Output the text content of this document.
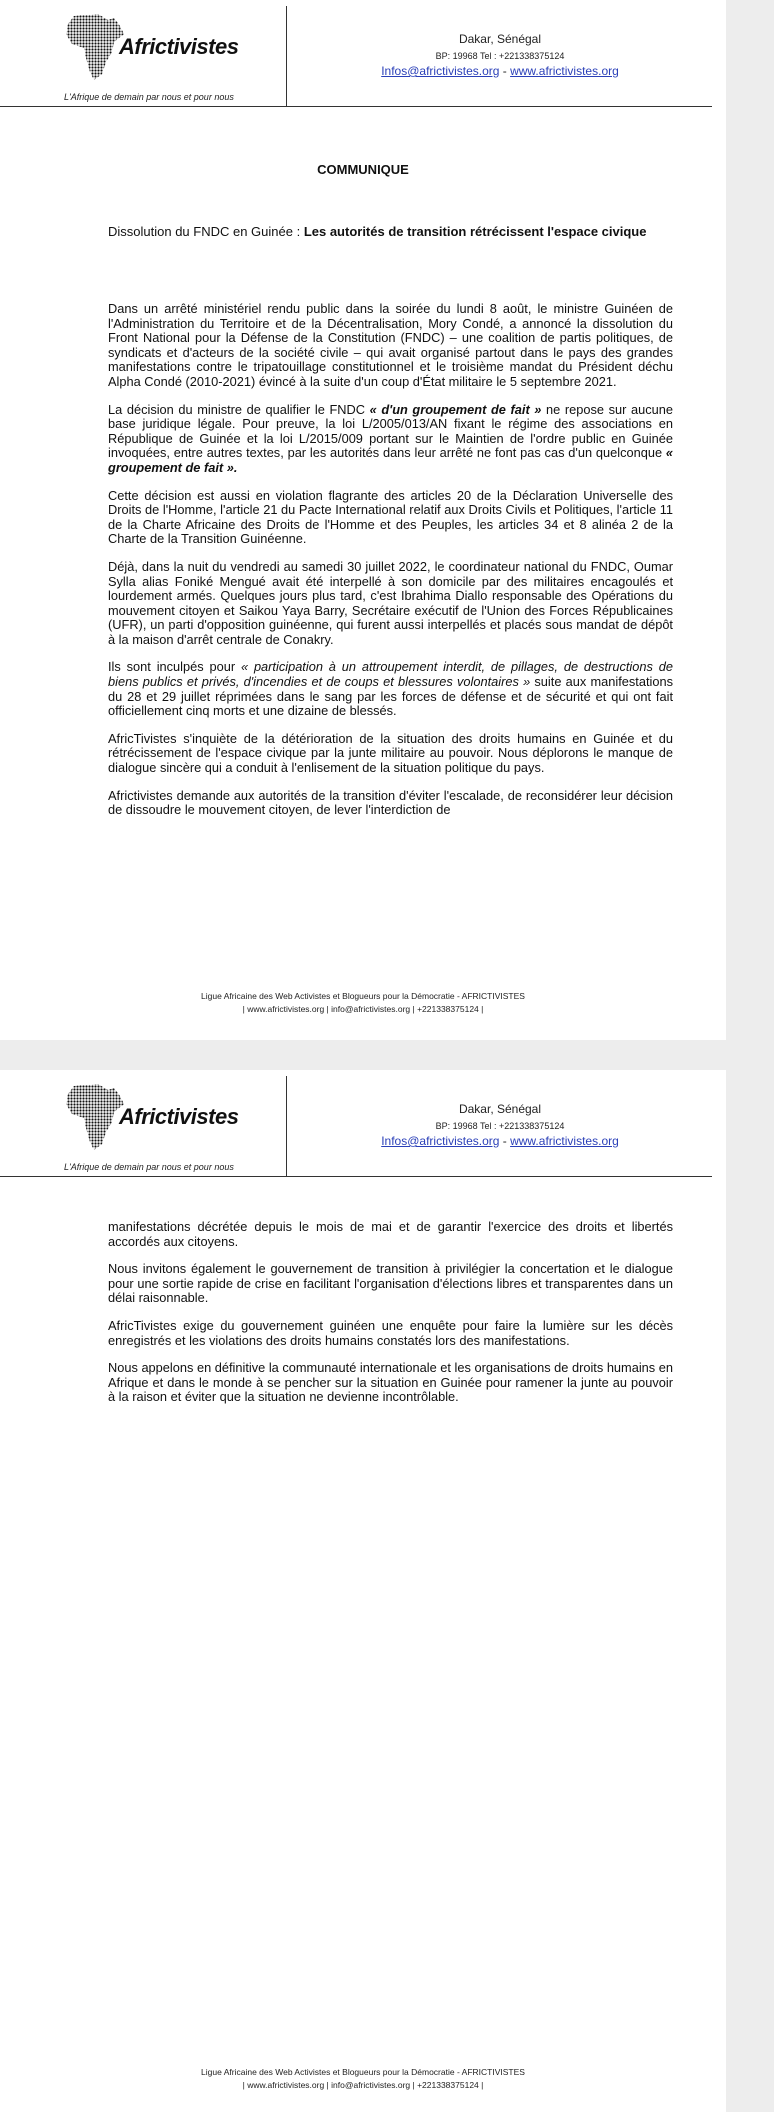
Africtivistes
L'Afrique de demain par nous et pour nous
Dakar, Sénégal
BP: 19968 Tel : +221338375124
Infos@africtivistes.org - www.africtivistes.org
COMMUNIQUE
Dissolution du FNDC en Guinée : Les autorités de transition rétrécissent l'espace civique

Dans un arrêté ministériel rendu public dans la soirée du lundi 8 août, le ministre Guinéen de l'Administration du Territoire et de la Décentralisation, Mory Condé, a annoncé la dissolution du Front National pour la Défense de la Constitution (FNDC) – une coalition de partis politiques, de syndicats et d'acteurs de la société civile – qui avait organisé partout dans le pays des grandes manifestations contre le tripatouillage constitutionnel et le troisième mandat du Président déchu Alpha Condé (2010-2021) évincé à la suite d'un coup d'État militaire le 5 septembre 2021.

La décision du ministre de qualifier le FNDC « d'un groupement de fait » ne repose sur aucune base juridique légale. Pour preuve, la loi L/2005/013/AN fixant le régime des associations en République de Guinée et la loi L/2015/009 portant sur le Maintien de l'ordre public en Guinée invoquées, entre autres textes, par les autorités dans leur arrêté ne font pas cas d'un quelconque « groupement de fait ».

Cette décision est aussi en violation flagrante des articles 20 de la Déclaration Universelle des Droits de l'Homme, l'article 21 du Pacte International relatif aux Droits Civils et Politiques, l'article 11 de la Charte Africaine des Droits de l'Homme et des Peuples, les articles 34 et 8 alinéa 2 de la Charte de la Transition Guinéenne.

Déjà, dans la nuit du vendredi au samedi 30 juillet 2022, le coordinateur national du FNDC, Oumar Sylla alias Foniké Mengué avait été interpellé à son domicile par des militaires encagoulés et lourdement armés. Quelques jours plus tard, c'est Ibrahima Diallo responsable des Opérations du mouvement citoyen et Saikou Yaya Barry, Secrétaire exécutif de l'Union des Forces Républicaines (UFR), un parti d'opposition guinéenne, qui furent aussi interpellés et placés sous mandat de dépôt à la maison d'arrêt centrale de Conakry.

Ils sont inculpés pour « participation à un attroupement interdit, de pillages, de destructions de biens publics et privés, d'incendies et de coups et blessures volontaires » suite aux manifestations du 28 et 29 juillet réprimées dans le sang par les forces de défense et de sécurité et qui ont fait officiellement cinq morts et une dizaine de blessés.

AfricTivistes s'inquiète de la détérioration de la situation des droits humains en Guinée et du rétrécissement de l'espace civique par la junte militaire au pouvoir. Nous déplorons le manque de dialogue sincère qui a conduit à l'enlisement de la situation politique du pays.

Africtivistes demande aux autorités de la transition d'éviter l'escalade, de reconsidérer leur décision de dissoudre le mouvement citoyen, de lever l'interdiction de

Ligue Africaine des Web Activistes et Blogueurs pour la Démocratie - AFRICTIVISTES
| www.africtivistes.org | info@africtivistes.org | +221338375124 |
Africtivistes
L'Afrique de demain par nous et pour nous
Dakar, Sénégal
BP: 19968 Tel : +221338375124
Infos@africtivistes.org - www.africtivistes.org

manifestations décrétée depuis le mois de mai et de garantir l'exercice des droits et libertés accordés aux citoyens.

Nous invitons également le gouvernement de transition à privilégier la concertation et le dialogue pour une sortie rapide de crise en facilitant l'organisation d'élections libres et transparentes dans un délai raisonnable.

AfricTivistes exige du gouvernement guinéen une enquête pour faire la lumière sur les décès enregistrés et les violations des droits humains constatés lors des manifestations.

Nous appelons en définitive la communauté internationale et les organisations de droits humains en Afrique et dans le monde à se pencher sur la situation en Guinée pour ramener la junte au pouvoir à la raison et éviter que la situation ne devienne incontrôlable.

Ligue Africaine des Web Activistes et Blogueurs pour la Démocratie - AFRICTIVISTES
| www.africtivistes.org | info@africtivistes.org | +221338375124 |
